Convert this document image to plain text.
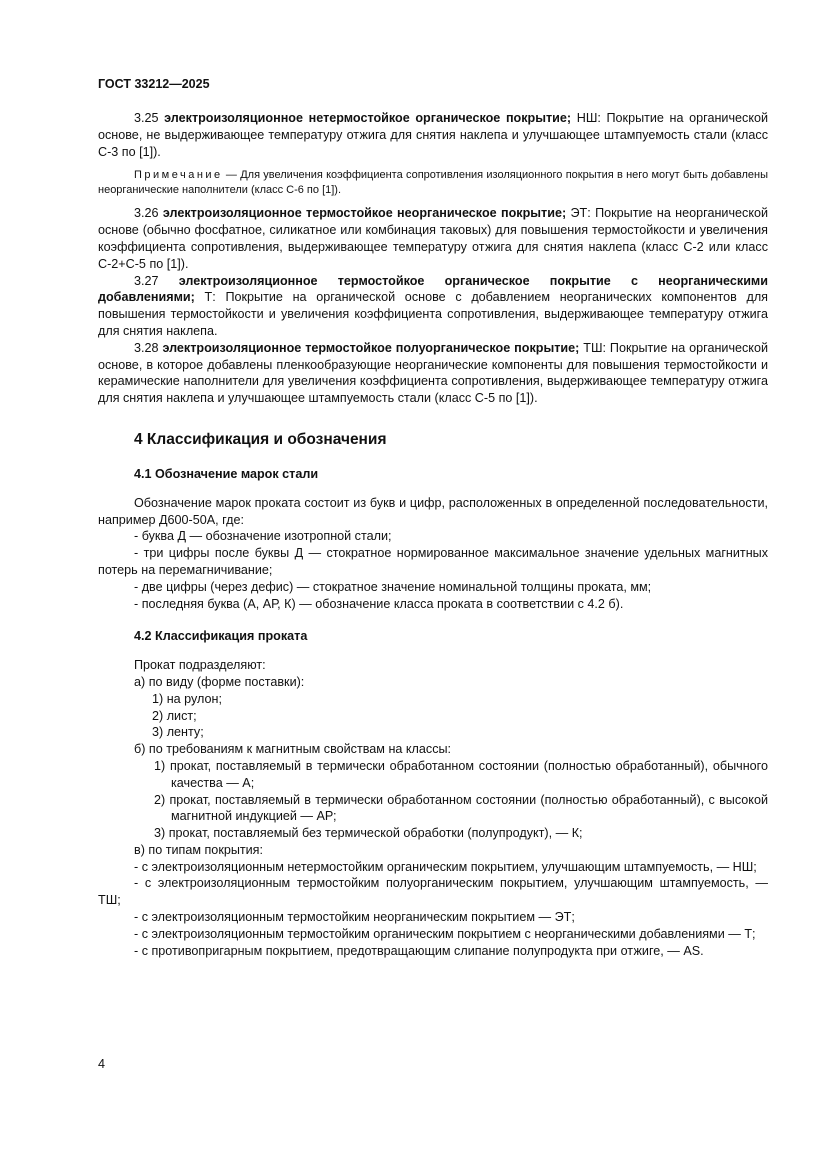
ГОСТ 33212—2025

3.25 электроизоляционное нетермостойкое органическое покрытие; НШ: Покрытие на органической основе, не выдерживающее температуру отжига для снятия наклепа и улучшающее штампуемость стали (класс С-3 по [1]).

Примечание — Для увеличения коэффициента сопротивления изоляционного покрытия в него могут быть добавлены неорганические наполнители (класс С-6 по [1]).

3.26 электроизоляционное термостойкое неорганическое покрытие; ЭТ: Покрытие на неорганической основе (обычно фосфатное, силикатное или комбинация таковых) для повышения термостойкости и увеличения коэффициента сопротивления, выдерживающее температуру отжига для снятия наклепа (класс С-2 или класс С-2+С-5 по [1]).

3.27 электроизоляционное термостойкое органическое покрытие с неорганическими добавлениями; Т: Покрытие на органической основе с добавлением неорганических компонентов для повышения термостойкости и увеличения коэффициента сопротивления, выдерживающее температуру отжига для снятия наклепа.

3.28 электроизоляционное термостойкое полуорганическое покрытие; ТШ: Покрытие на органической основе, в которое добавлены пленкообразующие неорганические компоненты для повышения термостойкости и керамические наполнители для увеличения коэффициента сопротивления, выдерживающее температуру отжига для снятия наклепа и улучшающее штампуемость стали (класс С-5 по [1]).

4 Классификация и обозначения
4.1 Обозначение марок стали

Обозначение марок проката состоит из букв и цифр, расположенных в определенной последовательности, например Д600-50А, где:

- буква Д — обозначение изотропной стали;

- три цифры после буквы Д — стократное нормированное максимальное значение удельных магнитных потерь на перемагничивание;

- две цифры (через дефис) — стократное значение номинальной толщины проката, мм;

- последняя буква (А, АР, К) — обозначение класса проката в соответствии с 4.2 б).

4.2 Классификация проката

Прокат подразделяют:

а) по виду (форме поставки):

1) на рулон;

2) лист;

3) ленту;

б) по требованиям к магнитным свойствам на классы:

1) прокат, поставляемый в термически обработанном состоянии (полностью обработанный), обычного качества — А;

2) прокат, поставляемый в термически обработанном состоянии (полностью обработанный), с высокой магнитной индукцией — АР;

3) прокат, поставляемый без термической обработки (полупродукт), — К;

в) по типам покрытия:

- с электроизоляционным нетермостойким органическим покрытием, улучшающим штампуемость, — НШ;

- с электроизоляционным термостойким полуорганическим покрытием, улучшающим штампуемость, — ТШ;

- с электроизоляционным термостойким неорганическим покрытием — ЭТ;

- с электроизоляционным термостойким органическим покрытием с неорганическими добавлениями — Т;

- с противопригарным покрытием, предотвращающим слипание полупродукта при отжиге, — AS.

4
